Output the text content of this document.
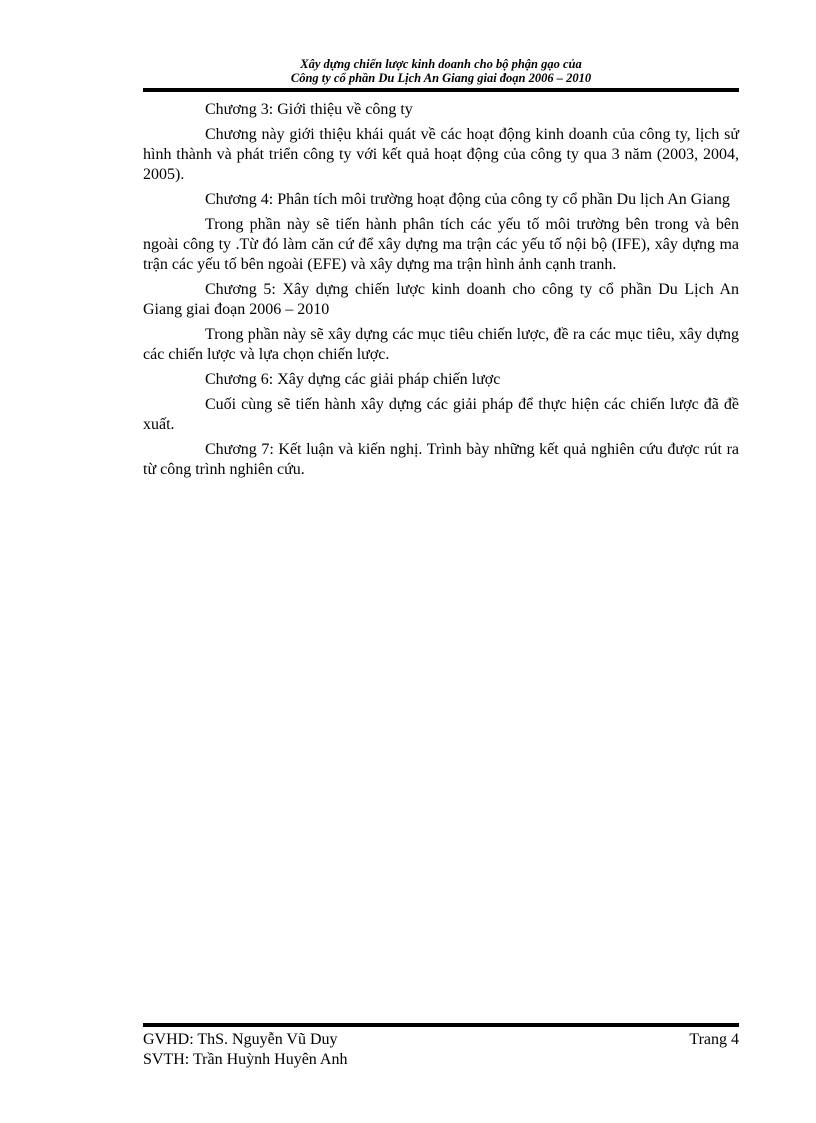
Xây dựng chiến lược kinh doanh cho bộ phận gạo của
Công ty cổ phần Du Lịch An Giang giai đoạn 2006 – 2010

Chương 3: Giới thiệu về công ty

Chương này giới thiệu khái quát về các hoạt động kinh doanh của công ty, lịch sử hình thành và phát triển công ty với kết quả hoạt động của công ty qua 3 năm (2003, 2004, 2005).

Chương 4: Phân tích môi trường hoạt động của công ty cổ phần Du lịch An Giang

Trong phần này sẽ tiến hành phân tích các yếu tố môi trường bên trong và bên ngoài công ty .Từ đó làm căn cứ để xây dựng ma trận các yếu tố nội bộ (IFE), xây dựng ma trận các yếu tố bên ngoài (EFE) và xây dựng ma trận hình ảnh cạnh tranh.

Chương 5: Xây dựng chiến lược kinh doanh cho công ty cổ phần Du Lịch An Giang giai đoạn 2006 – 2010

Trong phần này sẽ xây dựng các mục tiêu chiến lược, đề ra các mục tiêu, xây dựng các chiến lược và lựa chọn chiến lược.

Chương 6: Xây dựng các giải pháp chiến lược

Cuối cùng sẽ tiến hành xây dựng các giải pháp để thực hiện các chiến lược đã đề xuất.

Chương 7: Kết luận và kiến nghị. Trình bày những kết quả nghiên cứu được rút ra từ công trình nghiên cứu.

GVHD: ThS. Nguyễn Vũ Duy	Trang 4
SVTH: Trần Huỳnh Huyên Anh
